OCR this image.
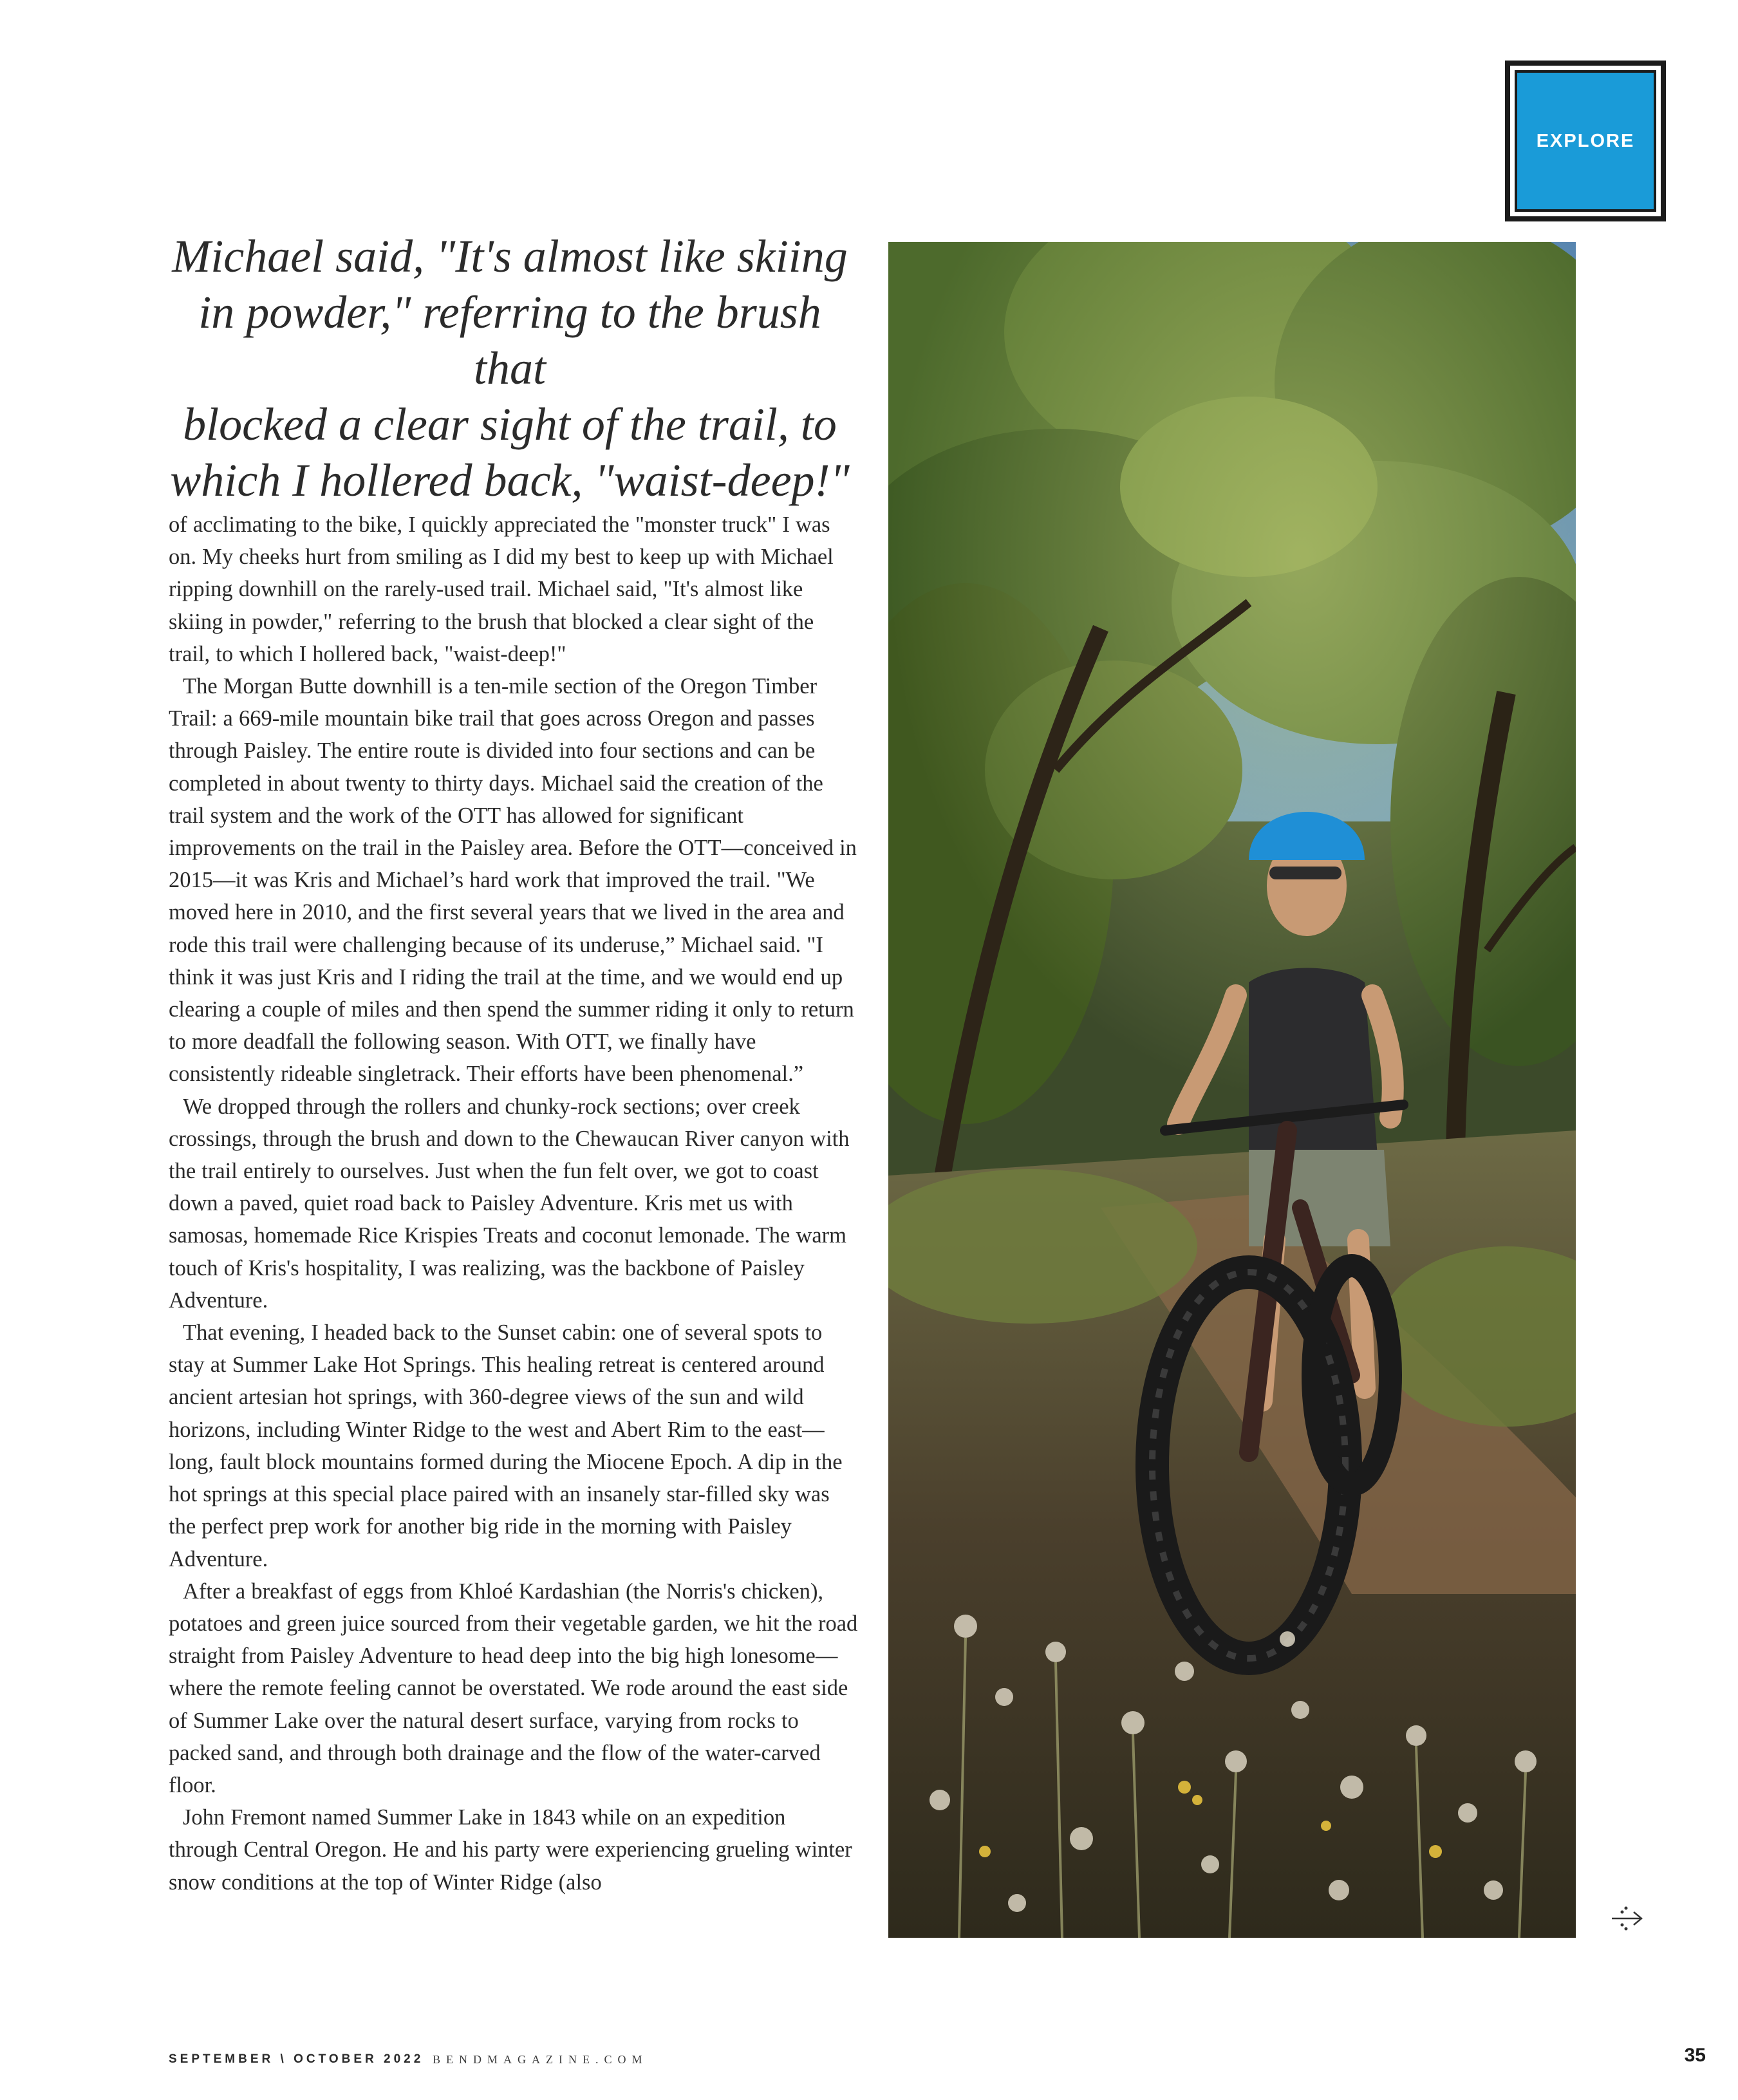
EXPLORE
Michael said, "It's almost like skiing
in powder," referring to the brush that
blocked a clear sight of the trail, to
which I hollered back, "waist-deep!"

of acclimating to the bike, I quickly appreciated the "monster truck" I was on. My cheeks hurt from smiling as I did my best to keep up with Michael ripping downhill on the rarely-used trail. Michael said, "It's almost like skiing in powder," referring to the brush that blocked a clear sight of the trail, to which I hollered back, "waist-deep!"

The Morgan Butte downhill is a ten-mile section of the Oregon Timber Trail: a 669-mile mountain bike trail that goes across Oregon and passes through Paisley. The entire route is divided into four sections and can be completed in about twenty to thirty days. Michael said the creation of the trail system and the work of the OTT has allowed for significant improvements on the trail in the Paisley area. Before the OTT—conceived in 2015—it was Kris and Michael’s hard work that improved the trail. "We moved here in 2010, and the first several years that we lived in the area and rode this trail were challenging because of its underuse,” Michael said. "I think it was just Kris and I riding the trail at the time, and we would end up clearing a couple of miles and then spend the summer riding it only to return to more deadfall the following season. With OTT, we finally have consistently rideable singletrack. Their efforts have been phenomenal.”

We dropped through the rollers and chunky-rock sections; over creek crossings, through the brush and down to the Chewaucan River canyon with the trail entirely to ourselves. Just when the fun felt over, we got to coast down a paved, quiet road back to Paisley Adventure. Kris met us with samosas, homemade Rice Krispies Treats and coconut lemonade. The warm touch of Kris's hospitality, I was realizing, was the backbone of Paisley Adventure.

That evening, I headed back to the Sunset cabin: one of several spots to stay at Summer Lake Hot Springs. This healing retreat is centered around ancient artesian hot springs, with 360-degree views of the sun and wild horizons, including Winter Ridge to the west and Abert Rim to the east—long, fault block mountains formed during the Miocene Epoch. A dip in the hot springs at this special place paired with an insanely star-filled sky was the perfect prep work for another big ride in the morning with Paisley Adventure.

After a breakfast of eggs from Khloé Kardashian (the Norris's chicken), potatoes and green juice sourced from their vegetable garden, we hit the road straight from Paisley Adventure to head deep into the big high lonesome—where the remote feeling cannot be overstated. We rode around the east side of Summer Lake over the natural desert surface, varying from rocks to packed sand, and through both drainage and the flow of the water-carved floor.

John Fremont named Summer Lake in 1843 while on an expedition through Central Oregon. He and his party were experiencing grueling winter snow conditions at the top of Winter Ridge (also

SEPTEMBER \ OCTOBER 2022 BENDMAGAZINE.COM	35
